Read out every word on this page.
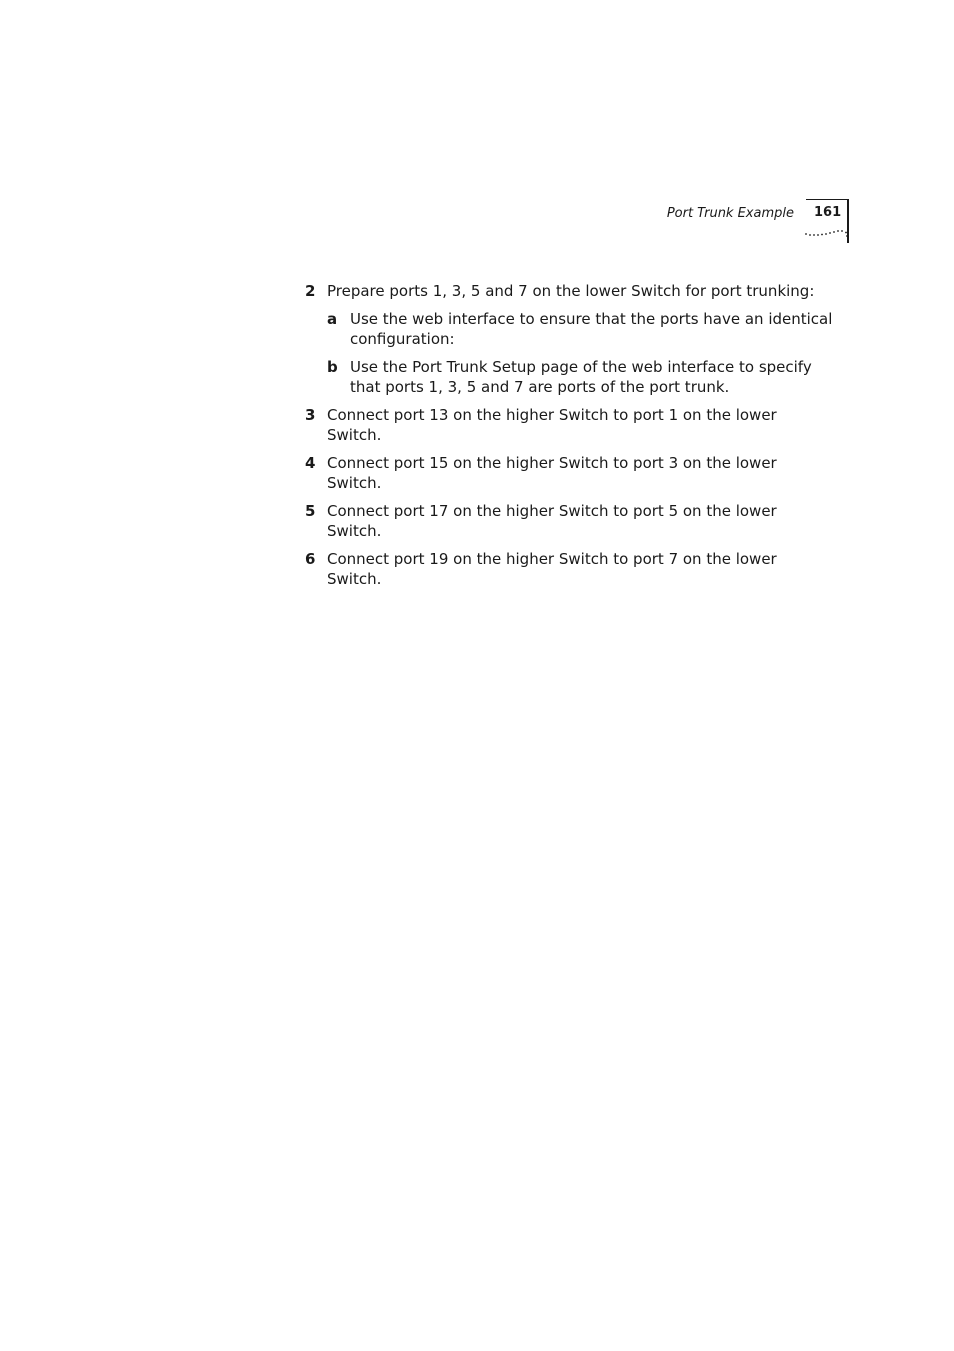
Port Trunk Example 161
2 Prepare ports 1, 3, 5 and 7 on the lower Switch for port trunking:
a Use the web interface to ensure that the ports have an identical configuration:
b Use the Port Trunk Setup page of the web interface to specify that ports 1, 3, 5 and 7 are ports of the port trunk.
3 Connect port 13 on the higher Switch to port 1 on the lower Switch.
4 Connect port 15 on the higher Switch to port 3 on the lower Switch.
5 Connect port 17 on the higher Switch to port 5 on the lower Switch.
6 Connect port 19 on the higher Switch to port 7 on the lower Switch.
